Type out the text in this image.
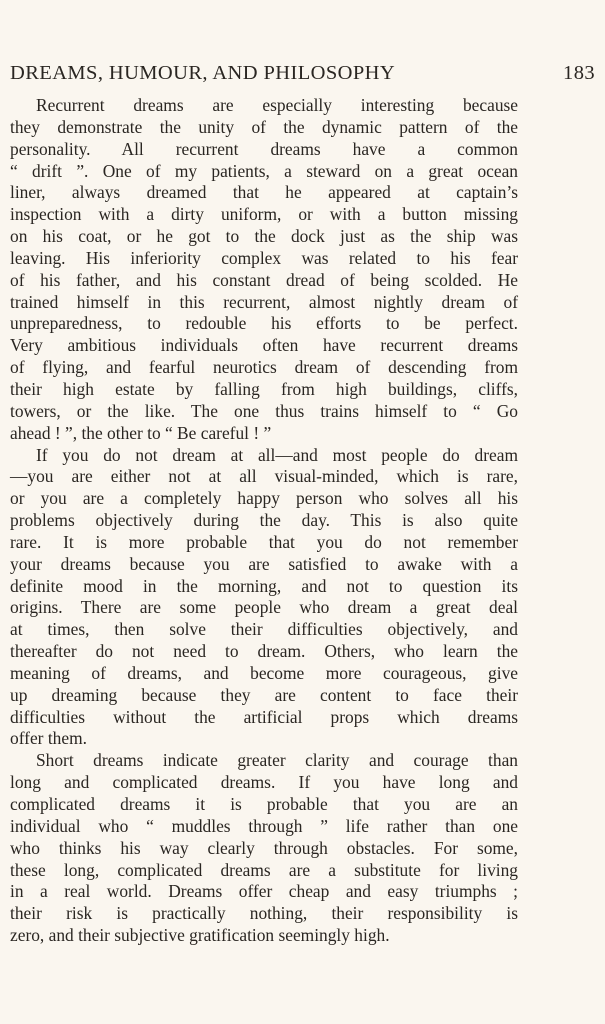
DREAMS, HUMOUR, AND PHILOSOPHY	183
Recurrent dreams are especially interesting because
they demonstrate the unity of the dynamic pattern of the
personality. All recurrent dreams have a common
“ drift ”. One of my patients, a steward on a great ocean
liner, always dreamed that he appeared at captain’s
inspection with a dirty uniform, or with a button missing
on his coat, or he got to the dock just as the ship was
leaving. His inferiority complex was related to his fear
of his father, and his constant dread of being scolded. He
trained himself in this recurrent, almost nightly dream of
unpreparedness, to redouble his efforts to be perfect.
Very ambitious individuals often have recurrent dreams
of flying, and fearful neurotics dream of descending from
their high estate by falling from high buildings, cliffs,
towers, or the like. The one thus trains himself to “ Go
ahead ! ”, the other to “ Be careful ! ”
If you do not dream at all—and most people do dream
—you are either not at all visual-minded, which is rare,
or you are a completely happy person who solves all his
problems objectively during the day. This is also quite
rare. It is more probable that you do not remember
your dreams because you are satisfied to awake with a
definite mood in the morning, and not to question its
origins. There are some people who dream a great deal
at times, then solve their difficulties objectively, and
thereafter do not need to dream. Others, who learn the
meaning of dreams, and become more courageous, give
up dreaming because they are content to face their
difficulties without the artificial props which dreams
offer them.
Short dreams indicate greater clarity and courage than
long and complicated dreams. If you have long and
complicated dreams it is probable that you are an
individual who “ muddles through ” life rather than one
who thinks his way clearly through obstacles. For some,
these long, complicated dreams are a substitute for living
in a real world. Dreams offer cheap and easy triumphs ;
their risk is practically nothing, their responsibility is
zero, and their subjective gratification seemingly high.
